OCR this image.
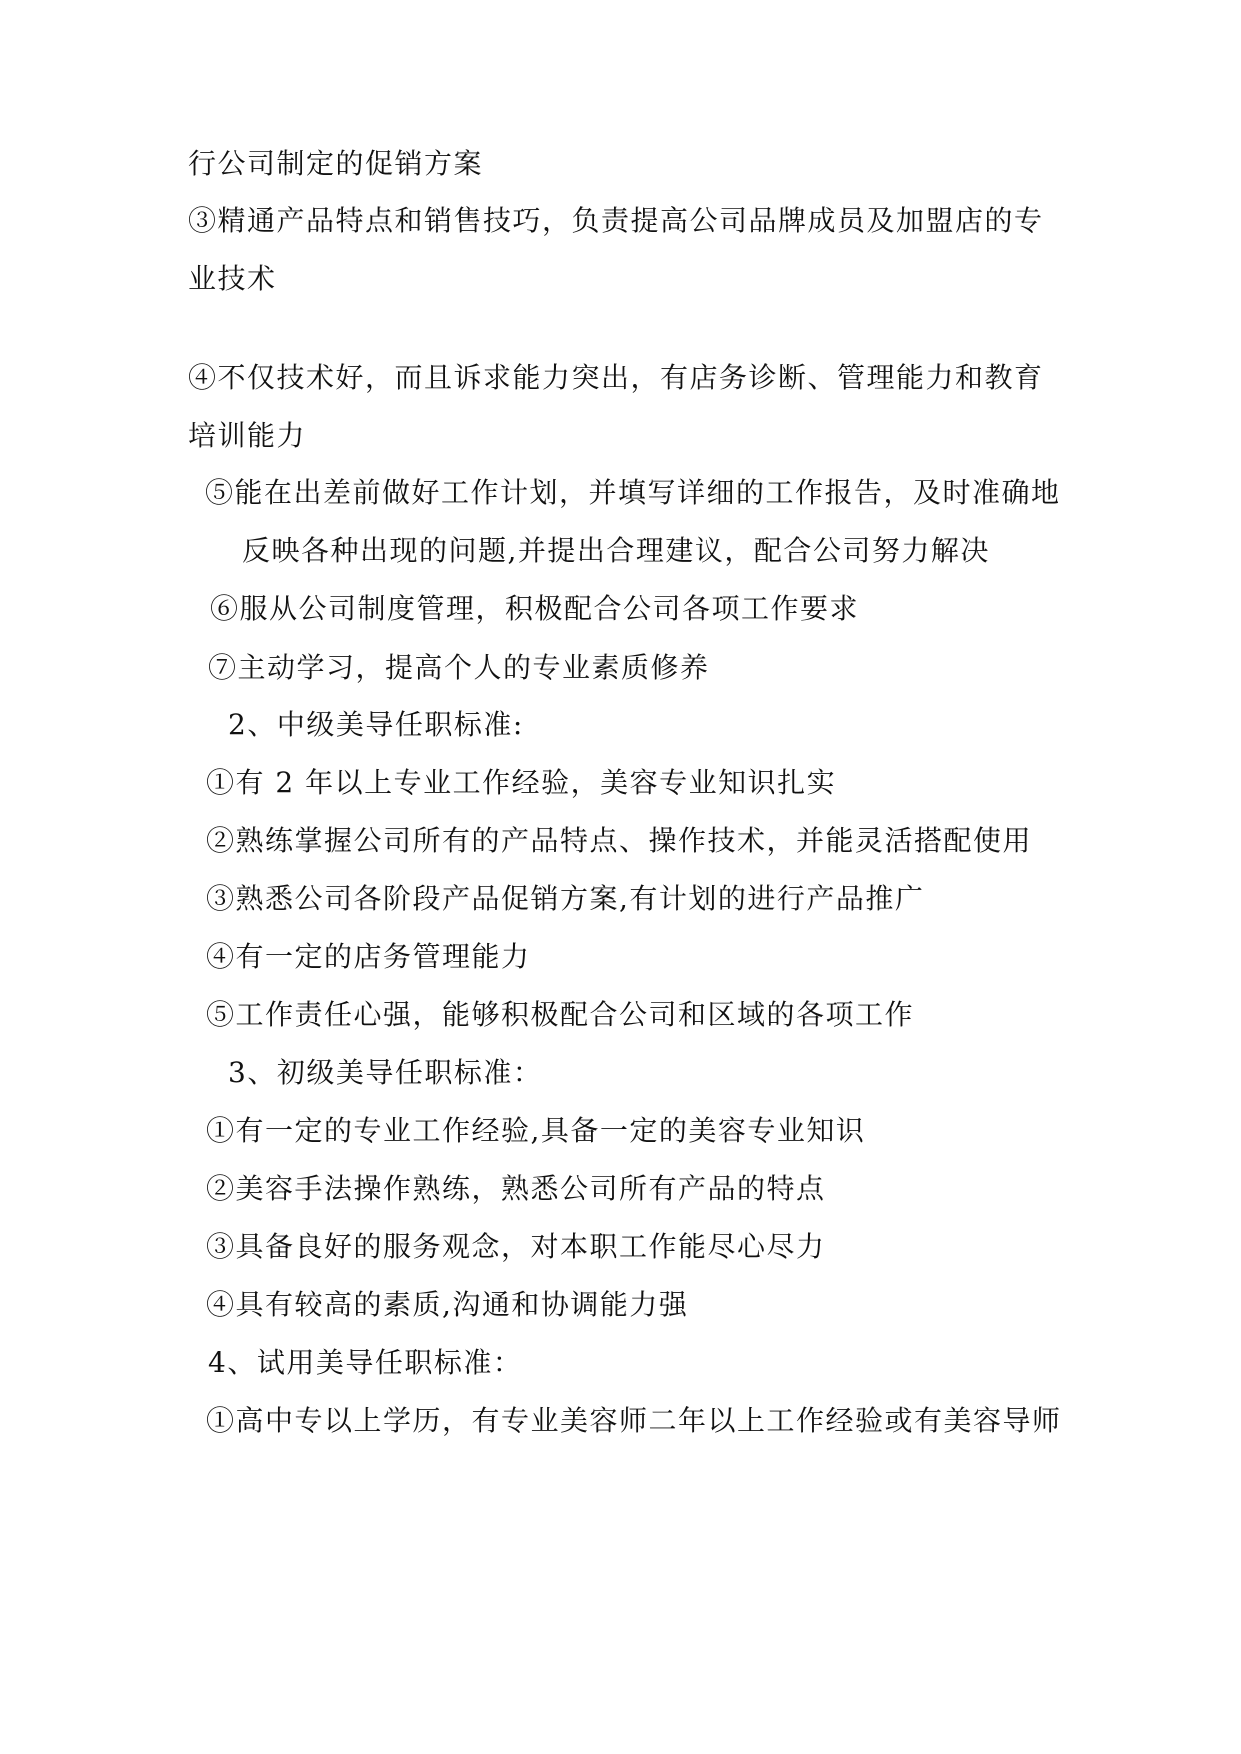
行公司制定的促销方案

③精通产品特点和销售技巧，负责提高公司品牌成员及加盟店的专

业技术

④不仅技术好，而且诉求能力突出，有店务诊断、管理能力和教育

培训能力

⑤能在出差前做好工作计划，并填写详细的工作报告，及时准确地

反映各种出现的问题,并提出合理建议，配合公司努力解决

⑥服从公司制度管理，积极配合公司各项工作要求

⑦主动学习，提高个人的专业素质修养

2、中级美导任职标准:

①有 2 年以上专业工作经验，美容专业知识扎实

②熟练掌握公司所有的产品特点、操作技术，并能灵活搭配使用

③熟悉公司各阶段产品促销方案,有计划的进行产品推广

④有一定的店务管理能力

⑤工作责任心强，能够积极配合公司和区域的各项工作

3、初级美导任职标准：

①有一定的专业工作经验,具备一定的美容专业知识

②美容手法操作熟练，熟悉公司所有产品的特点

③具备良好的服务观念，对本职工作能尽心尽力

④具有较高的素质,沟通和协调能力强

4、试用美导任职标准：

①高中专以上学历，有专业美容师二年以上工作经验或有美容导师
